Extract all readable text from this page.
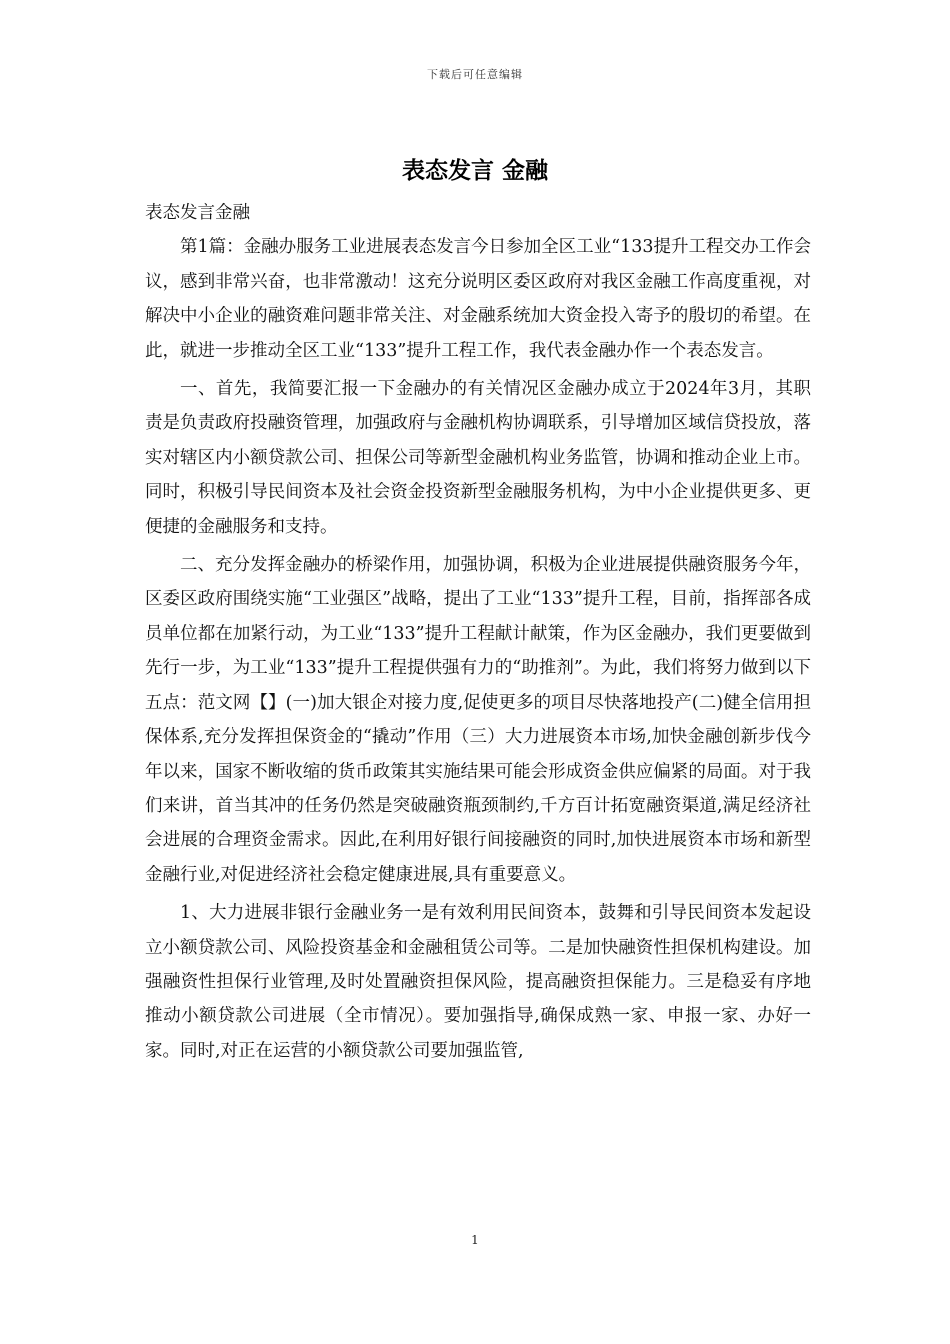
下载后可任意编辑
表态发言 金融

表态发言金融

第1篇：金融办服务工业进展表态发言今日参加全区工业“133提升工程交办工作会议，感到非常兴奋，也非常激动！这充分说明区委区政府对我区金融工作高度重视，对解决中小企业的融资难问题非常关注、对金融系统加大资金投入寄予的殷切的希望。在此，就进一步推动全区工业“133”提升工程工作，我代表金融办作一个表态发言。

一、首先，我简要汇报一下金融办的有关情况区金融办成立于2024年3月，其职责是负责政府投融资管理，加强政府与金融机构协调联系，引导增加区域信贷投放，落实对辖区内小额贷款公司、担保公司等新型金融机构业务监管，协调和推动企业上市。同时，积极引导民间资本及社会资金投资新型金融服务机构，为中小企业提供更多、更便捷的金融服务和支持。

二、充分发挥金融办的桥梁作用，加强协调，积极为企业进展提供融资服务今年，区委区政府围绕实施“工业强区”战略，提出了工业“133”提升工程，目前，指挥部各成员单位都在加紧行动，为工业“133”提升工程献计献策，作为区金融办，我们更要做到先行一步，为工业“133”提升工程提供强有力的“助推剂”。为此，我们将努力做到以下五点：范文网【】(一)加大银企对接力度,促使更多的项目尽快落地投产(二)健全信用担保体系,充分发挥担保资金的“撬动”作用（三）大力进展资本市场,加快金融创新步伐今年以来，国家不断收缩的货币政策其实施结果可能会形成资金供应偏紧的局面。对于我们来讲，首当其冲的任务仍然是突破融资瓶颈制约,千方百计拓宽融资渠道,满足经济社会进展的合理资金需求。因此,在利用好银行间接融资的同时,加快进展资本市场和新型金融行业,对促进经济社会稳定健康进展,具有重要意义。

1、大力进展非银行金融业务一是有效利用民间资本，鼓舞和引导民间资本发起设立小额贷款公司、风险投资基金和金融租赁公司等。二是加快融资性担保机构建设。加强融资性担保行业管理,及时处置融资担保风险，提高融资担保能力。三是稳妥有序地推动小额贷款公司进展（全市情况）。要加强指导,确保成熟一家、申报一家、办好一家。同时,对正在运营的小额贷款公司要加强监管,

1
